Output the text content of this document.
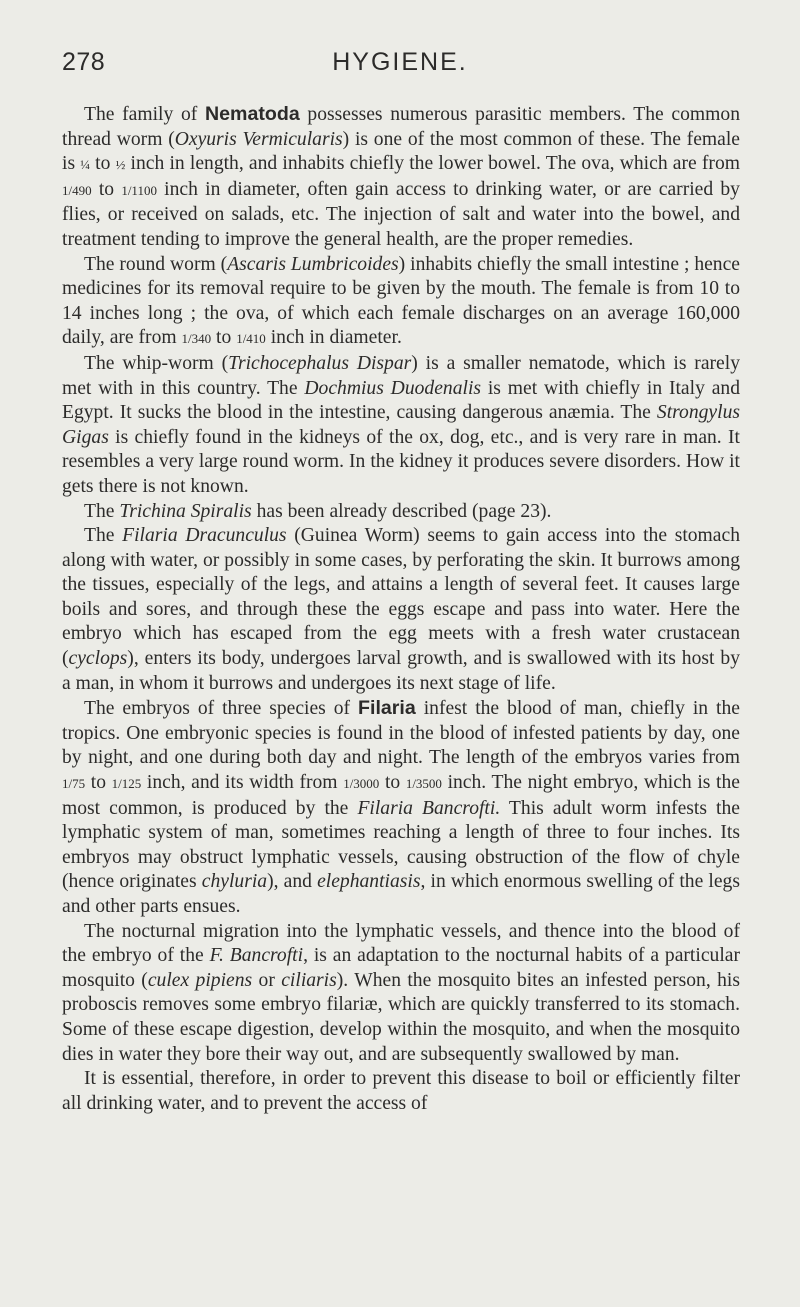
278	HYGIENE.

The family of Nematoda possesses numerous parasitic members. The common thread worm (Oxyuris Vermicularis) is one of the most common of these. The female is ¼ to ½ inch in length, and inhabits chiefly the lower bowel. The ova, which are from 1/490 to 1/1100 inch in diameter, often gain access to drinking water, or are carried by flies, or received on salads, etc. The injection of salt and water into the bowel, and treatment tending to improve the general health, are the proper remedies.

The round worm (Ascaris Lumbricoides) inhabits chiefly the small intestine ; hence medicines for its removal require to be given by the mouth. The female is from 10 to 14 inches long ; the ova, of which each female discharges on an average 160,000 daily, are from 1/340 to 1/410 inch in diameter.

The whip-worm (Trichocephalus Dispar) is a smaller nematode, which is rarely met with in this country. The Dochmius Duodenalis is met with chiefly in Italy and Egypt. It sucks the blood in the intestine, causing dangerous anæmia. The Strongylus Gigas is chiefly found in the kidneys of the ox, dog, etc., and is very rare in man. It resembles a very large round worm. In the kidney it produces severe disorders. How it gets there is not known.

The Trichina Spiralis has been already described (page 23).

The Filaria Dracunculus (Guinea Worm) seems to gain access into the stomach along with water, or possibly in some cases, by perforating the skin. It burrows among the tissues, especially of the legs, and attains a length of several feet. It causes large boils and sores, and through these the eggs escape and pass into water. Here the embryo which has escaped from the egg meets with a fresh water crustacean (cyclops), enters its body, undergoes larval growth, and is swallowed with its host by a man, in whom it burrows and undergoes its next stage of life.

The embryos of three species of Filaria infest the blood of man, chiefly in the tropics. One embryonic species is found in the blood of infested patients by day, one by night, and one during both day and night. The length of the embryos varies from 1/75 to 1/125 inch, and its width from 1/3000 to 1/3500 inch. The night embryo, which is the most common, is produced by the Filaria Bancrofti. This adult worm infests the lymphatic system of man, sometimes reaching a length of three to four inches. Its embryos may obstruct lymphatic vessels, causing obstruction of the flow of chyle (hence originates chyluria), and elephantiasis, in which enormous swelling of the legs and other parts ensues.

The nocturnal migration into the lymphatic vessels, and thence into the blood of the embryo of the F. Bancrofti, is an adaptation to the nocturnal habits of a particular mosquito (culex pipiens or ciliaris). When the mosquito bites an infested person, his proboscis removes some embryo filariæ, which are quickly transferred to its stomach. Some of these escape digestion, develop within the mosquito, and when the mosquito dies in water they bore their way out, and are subsequently swallowed by man.

It is essential, therefore, in order to prevent this disease to boil or efficiently filter all drinking water, and to prevent the access of
